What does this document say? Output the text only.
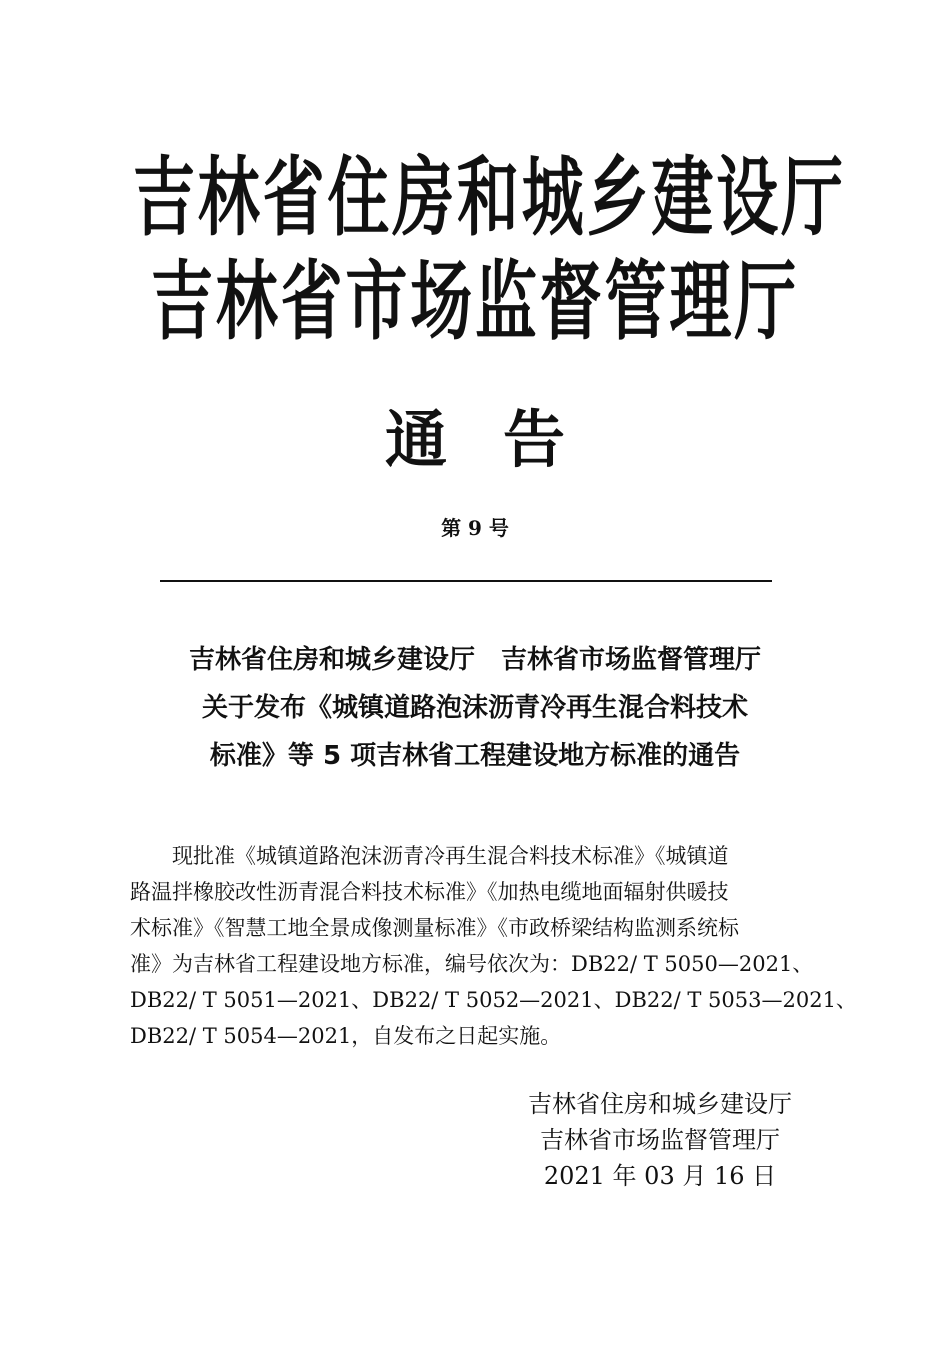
吉林省住房和城乡建设厅
吉林省市场监督管理厅
通告
第 9 号
吉林省住房和城乡建设厅　吉林省市场监督管理厅
关于发布《城镇道路泡沫沥青冷再生混合料技术
标准》等 5 项吉林省工程建设地方标准的通告
　　现批准《城镇道路泡沫沥青冷再生混合料技术标准》《城镇道
路温拌橡胶改性沥青混合料技术标准》《加热电缆地面辐射供暖技
术标准》《智慧工地全景成像测量标准》《市政桥梁结构监测系统标
准》为吉林省工程建设地方标准，编号依次为：DB22/ T 5050—2021、
DB22/ T 5051—2021、DB22/ T 5052—2021、DB22/ T 5053—2021、
DB22/ T 5054—2021，自发布之日起实施。
吉林省住房和城乡建设厅
吉林省市场监督管理厅
2021 年 03 月 16 日
